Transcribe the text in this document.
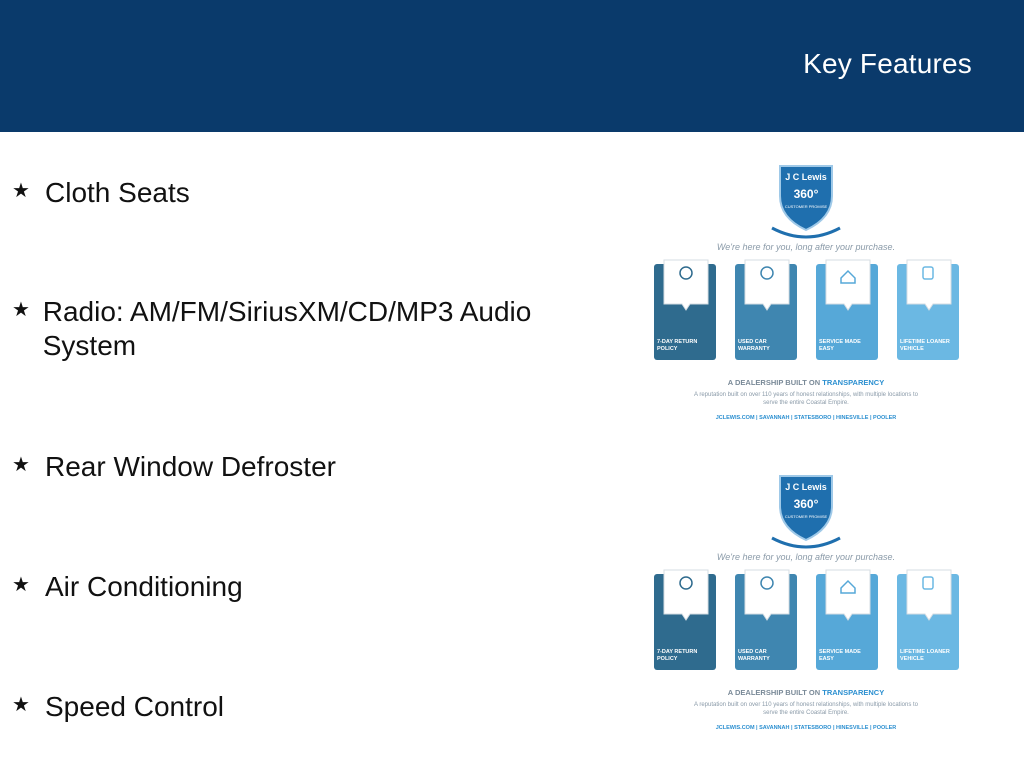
Key Features
★ Cloth Seats
★ Radio: AM/FM/SiriusXM/CD/MP3 Audio System
★ Rear Window Defroster
★ Air Conditioning
★ Speed Control
J C Lewis
360°
CUSTOMER PROMISE
We're here for you, long after your purchase.
7-DAY RETURN
POLICY
USED CAR
WARRANTY
SERVICE MADE
EASY
LIFETIME LOANER
VEHICLE
A DEALERSHIP BUILT ON TRANSPARENCY
A reputation built on over 110 years of honest relationships, with multiple locations to
serve the entire Coastal Empire.
JCLEWIS.COM | SAVANNAH | STATESBORO | HINESVILLE | POOLER
J C Lewis
360°
CUSTOMER PROMISE
We're here for you, long after your purchase.
7-DAY RETURN
POLICY
USED CAR
WARRANTY
SERVICE MADE
EASY
LIFETIME LOANER
VEHICLE
A DEALERSHIP BUILT ON TRANSPARENCY
A reputation built on over 110 years of honest relationships, with multiple locations to
serve the entire Coastal Empire.
JCLEWIS.COM | SAVANNAH | STATESBORO | HINESVILLE | POOLER
